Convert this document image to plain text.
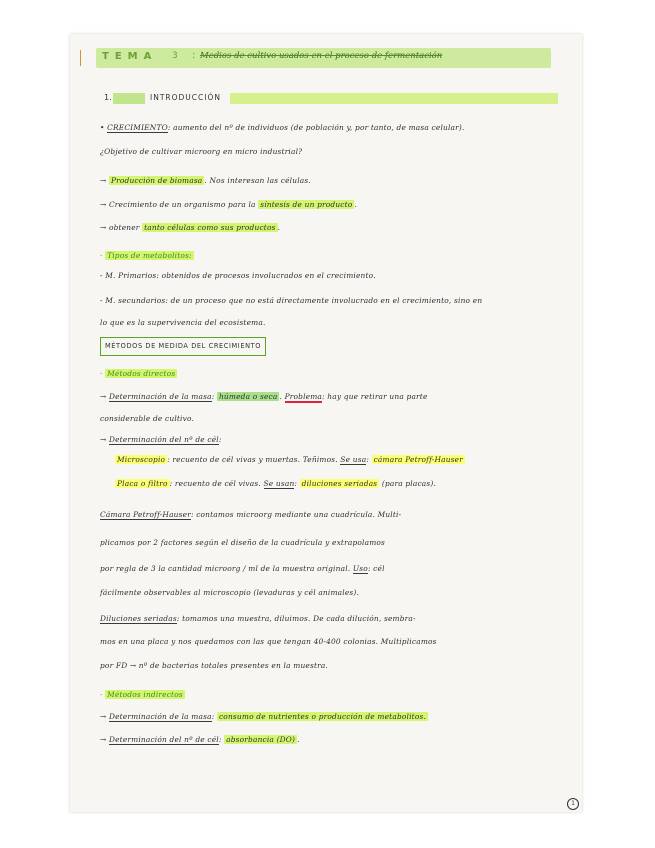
TEMA 3 : Medios de cultivo usados en el proceso de fermentación
1.	INTRODUCCIÓN
• CRECIMIENTO: aumento del nº de individuos (de población y, por tanto, de masa celular).
¿Objetivo de cultivar microorg en micro industrial?
→ Producción de biomasa . Nos interesan las células.
→ Crecimiento de un organismo para la síntesis de un producto .
→ obtener tanto células como sus productos .
· Tipos de metabolitos:
- M. Primarios: obtenidos de procesos involucrados en el crecimiento.
- M. secundarios: de un proceso que no está directamente involucrado en el crecimiento, sino en
lo que es la supervivencia del ecosistema.
MÉTODOS DE MEDIDA DEL CRECIMIENTO
· Métodos directos
→ Determinación de la masa: húmeda o seca . Problema: hay que retirar una parte
considerable de cultivo.
→ Determinación del nº de cél:
Microscopio : recuento de cél vivas y muertas. Teñimos. Se usa: cámara Petroff-Hauser
Placa o filtro : recuento de cél vivas. Se usan: diluciones seriadas (para placas).
Cámara Petroff-Hauser: contamos microorg mediante una cuadrícula. Multi-
plicamos por 2 factores según el diseño de la cuadrícula y extrapolamos
por regla de 3 la cantidad microorg / ml de la muestra original. Uso: cél
fácilmente observables al microscopio (levaduras y cél animales).
Diluciones seriadas: tomamos una muestra, diluimos. De cada dilución, sembra-
mos en una placa y nos quedamos con las que tengan 40-400 colonias. Multiplicamos
por FD → nº de bacterias totales presentes en la muestra.
· Métodos indirectos
→ Determinación de la masa: consumo de nutrientes o producción de metabolitos.
→ Determinación del nº de cél: absorbancia (DO) .
1
